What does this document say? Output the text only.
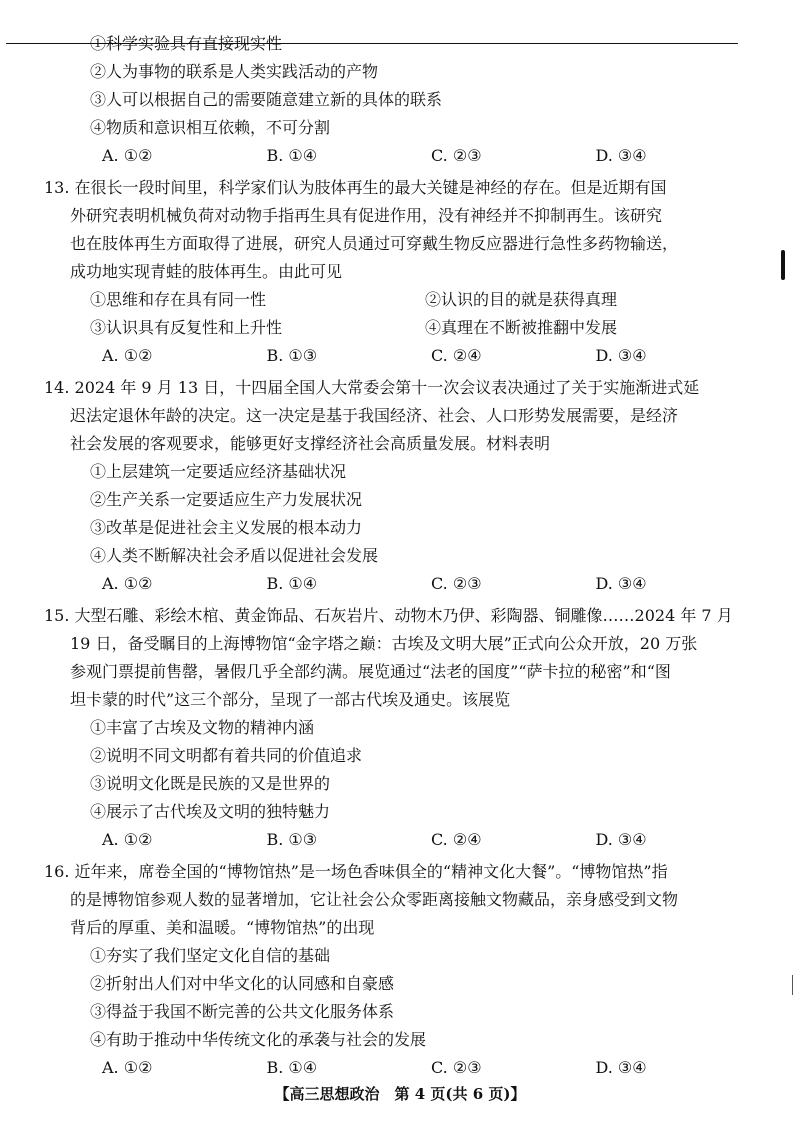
①科学实验具有直接现实性
②人为事物的联系是人类实践活动的产物
③人可以根据自己的需要随意建立新的具体的联系
④物质和意识相互依赖，不可分割
A. ①②	B. ①④	C. ②③	D. ③④
13. 在很长一段时间里，科学家们认为肢体再生的最大关键是神经的存在。但是近期有国
外研究表明机械负荷对动物手指再生具有促进作用，没有神经并不抑制再生。该研究
也在肢体再生方面取得了进展，研究人员通过可穿戴生物反应器进行急性多药物输送，
成功地实现青蛙的肢体再生。由此可见
①思维和存在具有同一性	②认识的目的就是获得真理
③认识具有反复性和上升性	④真理在不断被推翻中发展
A. ①②	B. ①③	C. ②④	D. ③④
14. 2024 年 9 月 13 日，十四届全国人大常委会第十一次会议表决通过了关于实施渐进式延
迟法定退休年龄的决定。这一决定是基于我国经济、社会、人口形势发展需要，是经济
社会发展的客观要求，能够更好支撑经济社会高质量发展。材料表明
①上层建筑一定要适应经济基础状况
②生产关系一定要适应生产力发展状况
③改革是促进社会主义发展的根本动力
④人类不断解决社会矛盾以促进社会发展
A. ①②	B. ①④	C. ②③	D. ③④
15. 大型石雕、彩绘木棺、黄金饰品、石灰岩片、动物木乃伊、彩陶器、铜雕像……2024 年 7 月
19 日，备受瞩目的上海博物馆“金字塔之巅：古埃及文明大展”正式向公众开放，20 万张
参观门票提前售罄，暑假几乎全部约满。展览通过“法老的国度”“萨卡拉的秘密”和“图
坦卡蒙的时代”这三个部分，呈现了一部古代埃及通史。该展览
①丰富了古埃及文物的精神内涵
②说明不同文明都有着共同的价值追求
③说明文化既是民族的又是世界的
④展示了古代埃及文明的独特魅力
A. ①②	B. ①③	C. ②④	D. ③④
16. 近年来，席卷全国的“博物馆热”是一场色香味俱全的“精神文化大餐”。“博物馆热”指
的是博物馆参观人数的显著增加，它让社会公众零距离接触文物藏品，亲身感受到文物
背后的厚重、美和温暖。“博物馆热”的出现
①夯实了我们坚定文化自信的基础
②折射出人们对中华文化的认同感和自豪感
③得益于我国不断完善的公共文化服务体系
④有助于推动中华传统文化的承袭与社会的发展
A. ①②	B. ①④	C. ②③	D. ③④
【高三思想政治　第 4 页(共 6 页)】
